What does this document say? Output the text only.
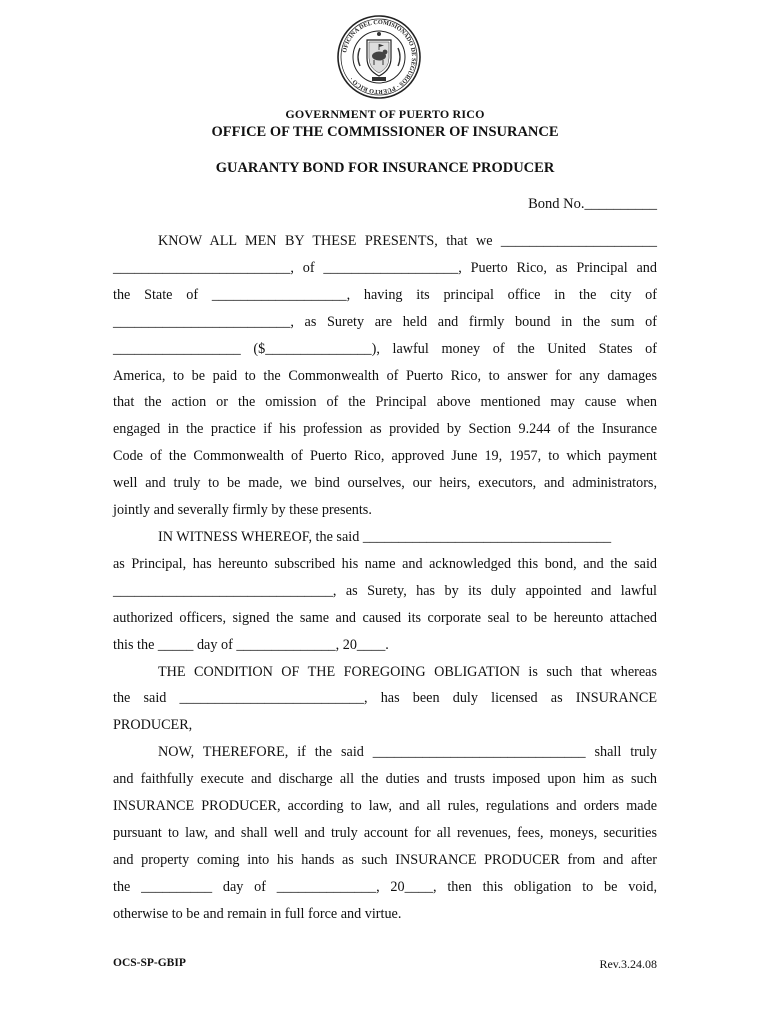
OFICINA DEL COMISIONADO DE SEGUROS · PUERTO RICO ·
GOVERNMENT OF PUERTO RICO
OFFICE OF THE COMMISSIONER OF INSURANCE
GUARANTY BOND FOR INSURANCE PRODUCER
Bond No.__________

KNOW ALL MEN BY THESE PRESENTS, that we ______________________

_________________________, of ___________________, Puerto Rico, as Principal and

the State of ___________________, having its principal office in the city of

_________________________, as Surety are held and firmly bound in the sum of

__________________ ($_______________), lawful money of the United States of

America, to be paid to the Commonwealth of Puerto Rico, to answer for any damages

that the action or the omission of the Principal above mentioned may cause when

engaged in the practice if his profession as provided by Section 9.244 of the Insurance

Code of the Commonwealth of Puerto Rico, approved June 19, 1957, to which payment

well and truly to be made, we bind ourselves, our heirs, executors, and administrators,

jointly and severally firmly by these presents.

IN WITNESS WHEREOF, the said ___________________________________

as Principal, has hereunto subscribed his name and acknowledged this bond, and the said

_______________________________, as Surety, has by its duly appointed and lawful

authorized officers, signed the same and caused its corporate seal to be hereunto attached

this the _____ day of ______________, 20____.

THE CONDITION OF THE FOREGOING OBLIGATION is such that whereas

the said __________________________, has been duly licensed as INSURANCE

PRODUCER,

NOW, THEREFORE, if the said ______________________________ shall truly

and faithfully execute and discharge all the duties and trusts imposed upon him as such

INSURANCE PRODUCER, according to law, and all rules, regulations and orders made

pursuant to law, and shall well and truly account for all revenues, fees, moneys, securities

and property coming into his hands as such INSURANCE PRODUCER from and after

the __________ day of ______________, 20____, then this obligation to be void,

otherwise to be and remain in full force and virtue.

OCS-SP-GBIP	Rev.3.24.08
